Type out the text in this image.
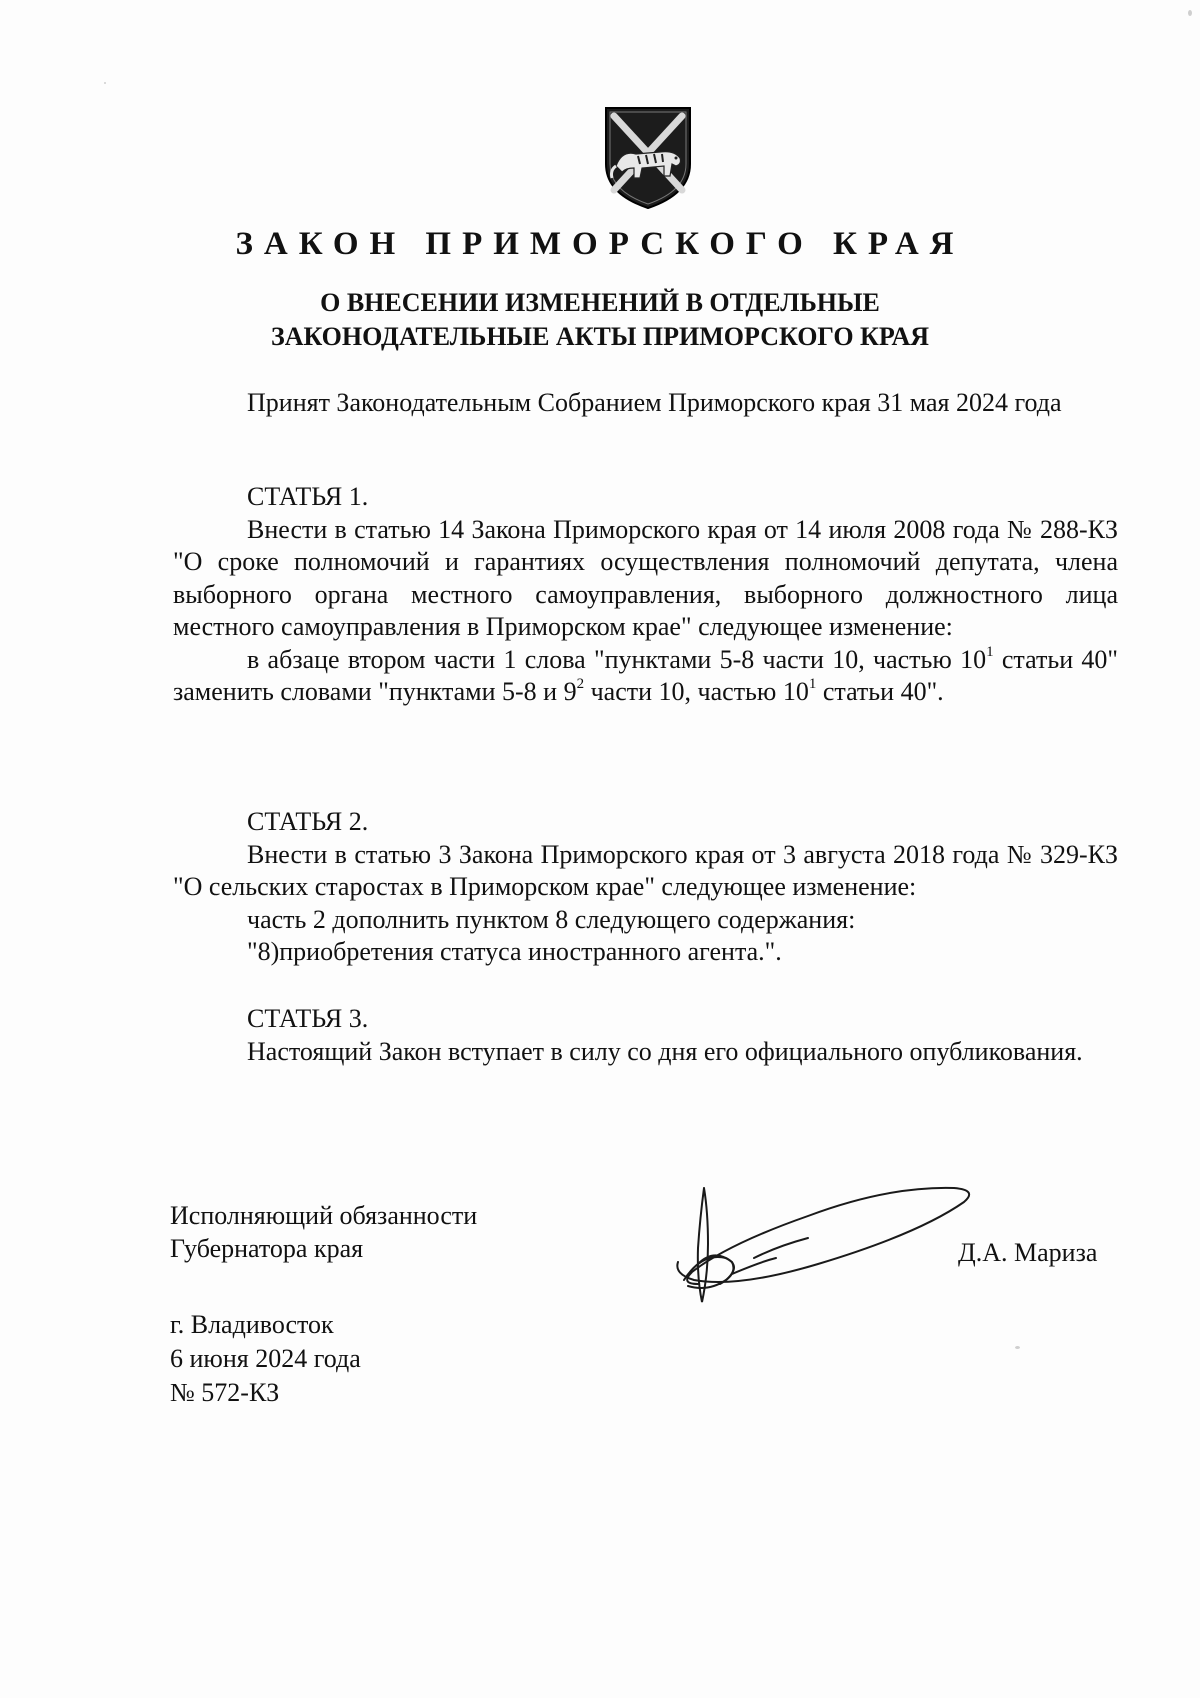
ЗАКОН ПРИМОРСКОГО КРАЯ
О ВНЕСЕНИИ ИЗМЕНЕНИЙ В ОТДЕЛЬНЫЕ
ЗАКОНОДАТЕЛЬНЫЕ АКТЫ ПРИМОРСКОГО КРАЯ

Принят Законодательным Собранием Приморского края 31 мая 2024 года

СТАТЬЯ 1.

Внести в статью 14 Закона Приморского края от 14 июля 2008 года № 288-КЗ "О сроке полномочий и гарантиях осуществления полномочий депутата, члена выборного органа местного самоуправления, выборного должностного лица местного самоуправления в Приморском крае" следующее изменение:

в абзаце втором части 1 слова "пунктами 5-8 части 10, частью $10^1$ статьи 40" заменить словами "пунктами 5-8 и $9^2$ части 10, частью $10^1$ статьи 40".

СТАТЬЯ 2.

Внести в статью 3 Закона Приморского края от 3 августа 2018 года № 329-КЗ "О сельских старостах в Приморском крае" следующее изменение:

часть 2 дополнить пунктом 8 следующего содержания:

"8)приобретения статуса иностранного агента.".

СТАТЬЯ 3.

Настоящий Закон вступает в силу со дня его официального опубликования.

Исполняющий обязанности

Губернатора края	Д.А. Мариза

г. Владивосток

6 июня 2024 года

№ 572-КЗ
